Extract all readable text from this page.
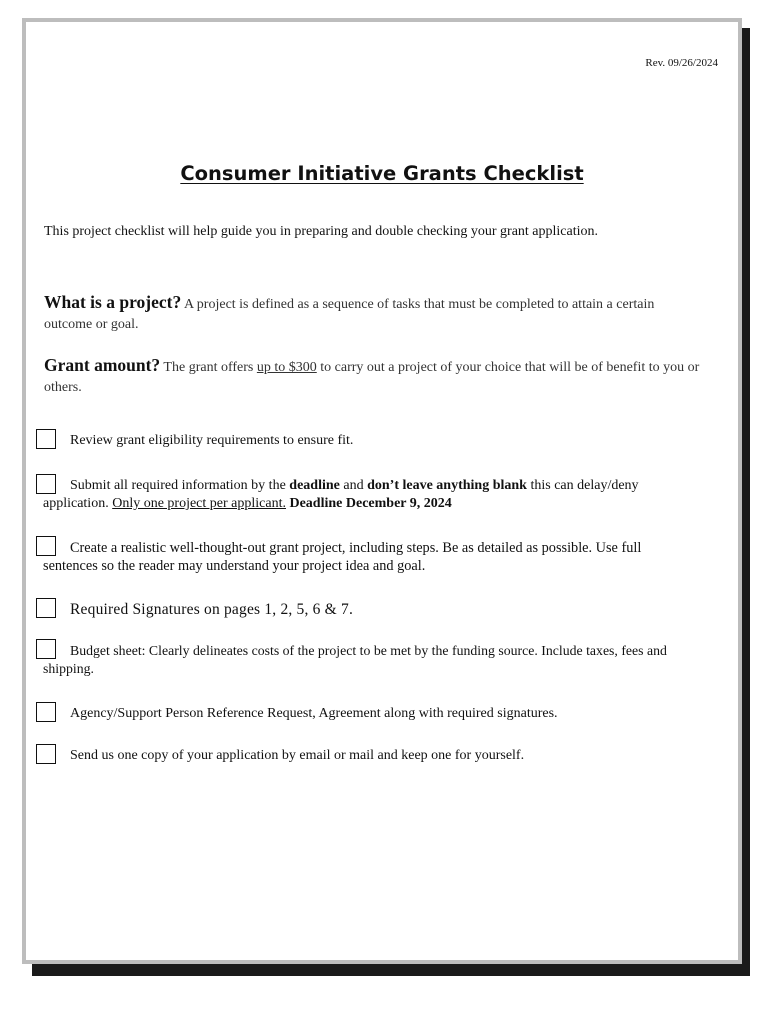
Rev. 09/26/2024
Consumer Initiative Grants Checklist
This project checklist will help guide you in preparing and double checking your grant application.
What is a project? A project is defined as a sequence of tasks that must be completed to attain a certain outcome or goal.
Grant amount? The grant offers up to $300 to carry out a project of your choice that will be of benefit to you or others.
Review grant eligibility requirements to ensure fit.
Submit all required information by the deadline and don’t leave anything blank this can delay/deny application. Only one project per applicant. Deadline December 9, 2024
Create a realistic well-thought-out grant project, including steps. Be as detailed as possible. Use full sentences so the reader may understand your project idea and goal.
Required Signatures on pages 1, 2, 5, 6 & 7.
Budget sheet: Clearly delineates costs of the project to be met by the funding source. Include taxes, fees and shipping.
Agency/Support Person Reference Request, Agreement along with required signatures.
Send us one copy of your application by email or mail and keep one for yourself.
